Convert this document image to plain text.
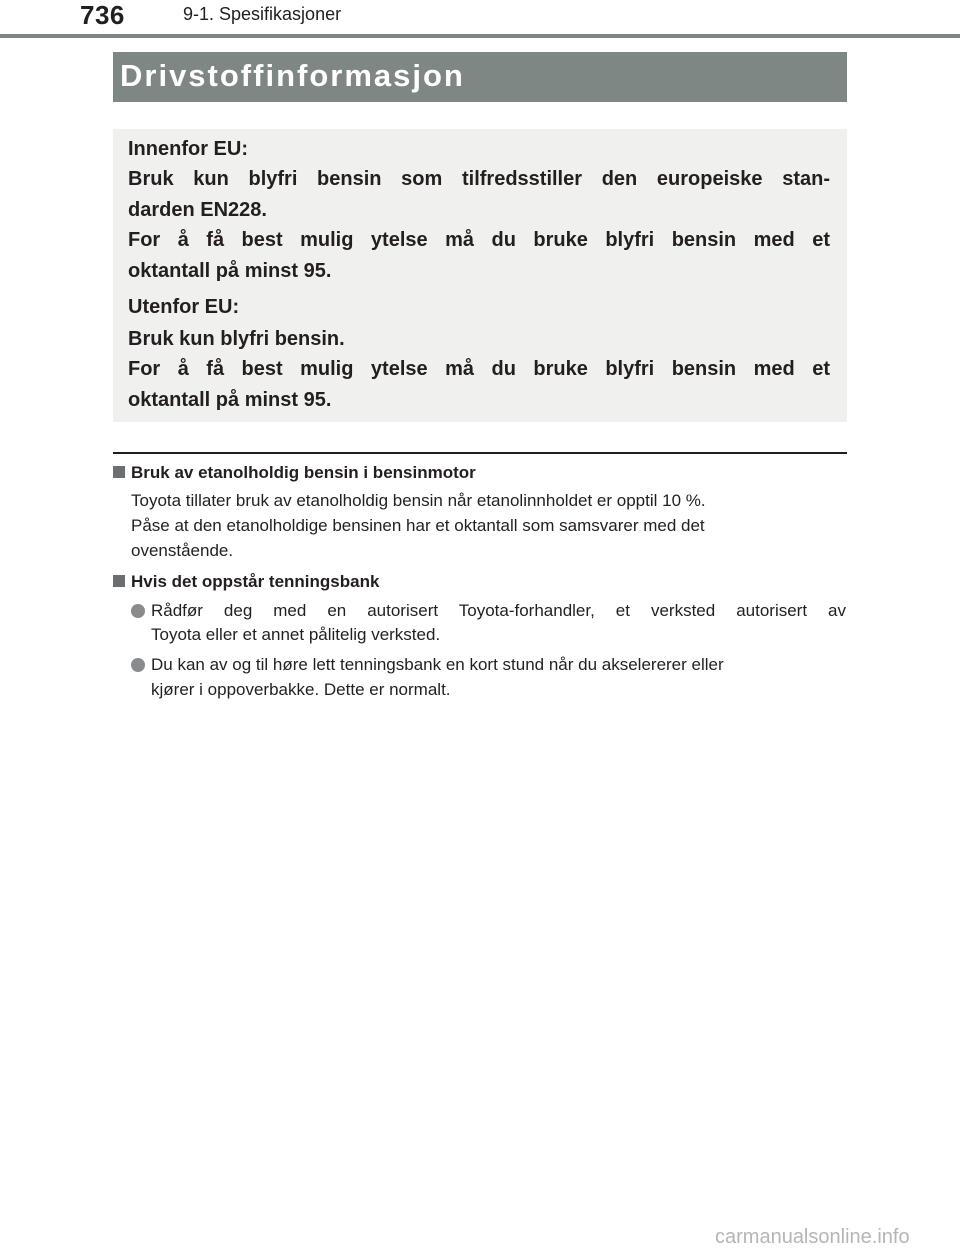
736	9-1. Spesifikasjoner
Drivstoffinformasjon
Innenfor EU:
Bruk kun blyfri bensin som tilfredsstiller den europeiske stan-
darden EN228.
For å få best mulig ytelse må du bruke blyfri bensin med et
oktantall på minst 95.
Utenfor EU:
Bruk kun blyfri bensin.
For å få best mulig ytelse må du bruke blyfri bensin med et
oktantall på minst 95.
Bruk av etanolholdig bensin i bensinmotor
Toyota tillater bruk av etanolholdig bensin når etanolinnholdet er opptil 10 %.
Påse at den etanolholdige bensinen har et oktantall som samsvarer med det
ovenstående.
Hvis det oppstår tenningsbank
Rådfør deg med en autorisert Toyota-forhandler, et verksted autorisert av
Toyota eller et annet pålitelig verksted.
Du kan av og til høre lett tenningsbank en kort stund når du akselererer eller
kjører i oppoverbakke. Dette er normalt.
carmanualsonline.info
